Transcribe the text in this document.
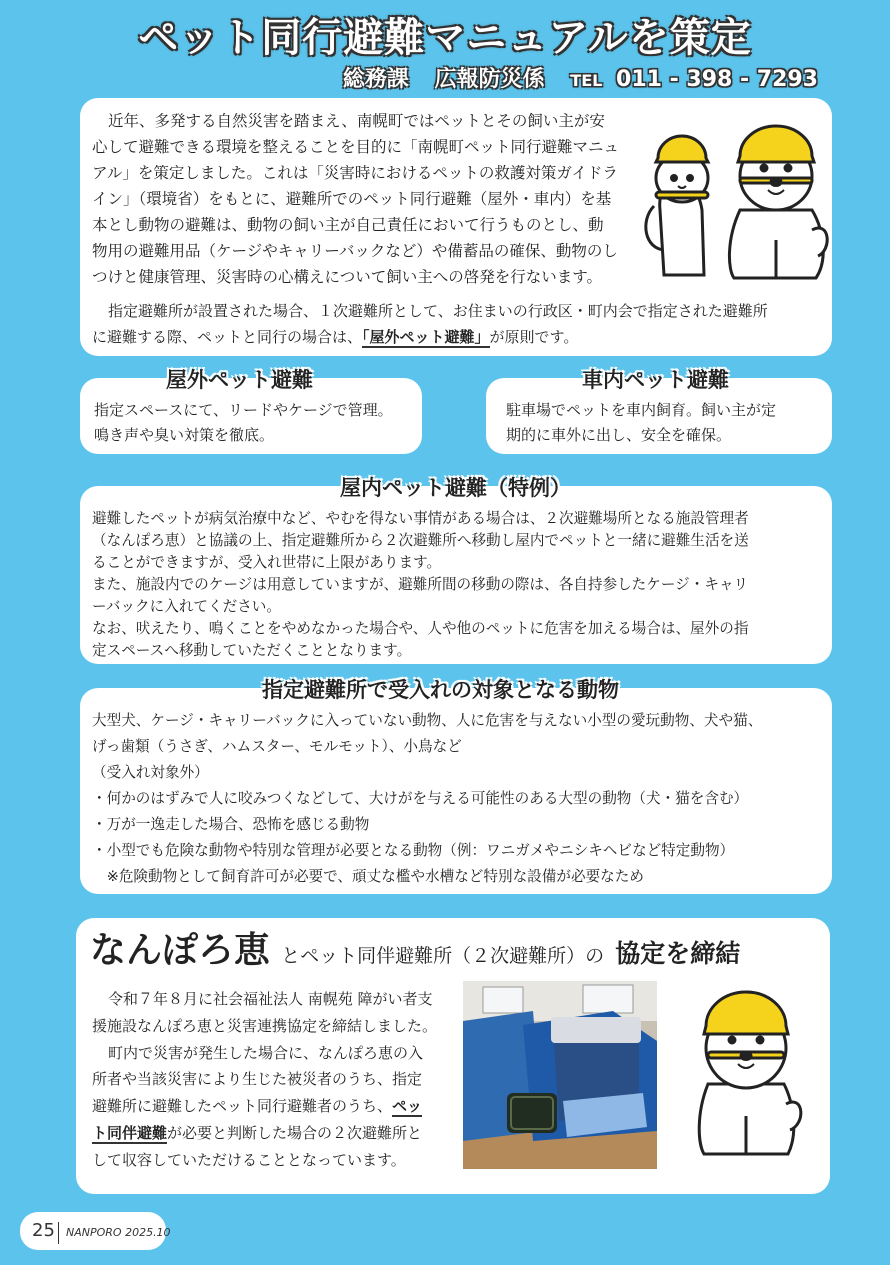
ペット同行避難マニュアルを策定
総務課 広報防災係 TEL 011 - 398 - 7293
近年、多発する自然災害を踏まえ、南幌町ではペットとその飼い主が安
心して避難できる環境を整えることを目的に「南幌町ペット同行避難マニュ
アル」を策定しました。これは「災害時におけるペットの救護対策ガイドラ
イン」（環境省）をもとに、避難所でのペット同行避難（屋外・車内）を基
本とし動物の避難は、動物の飼い主が自己責任において行うものとし、動
物用の避難用品（ケージやキャリーバックなど）や備蓄品の確保、動物のし
つけと健康管理、災害時の心構えについて飼い主への啓発を行ないます。
指定避難所が設置された場合、１次避難所として、お住まいの行政区・町内会で指定された避難所
に避難する際、ペットと同行の場合は、「屋外ペット避難」が原則です。
屋外ペット避難
指定スペースにて、リードやケージで管理。
鳴き声や臭い対策を徹底。
車内ペット避難
駐車場でペットを車内飼育。飼い主が定
期的に車外に出し、安全を確保。
屋内ペット避難（特例）
避難したペットが病気治療中など、やむを得ない事情がある場合は、２次避難場所となる施設管理者
（なんぽろ恵）と協議の上、指定避難所から２次避難所へ移動し屋内でペットと一緒に避難生活を送
ることができますが、受入れ世帯に上限があります。
また、施設内でのケージは用意していますが、避難所間の移動の際は、各自持参したケージ・キャリ
ーバックに入れてください。
なお、吠えたり、鳴くことをやめなかった場合や、人や他のペットに危害を加える場合は、屋外の指
定スペースへ移動していただくこととなります。
指定避難所で受入れの対象となる動物
大型犬、ケージ・キャリーバックに入っていない動物、人に危害を与えない小型の愛玩動物、犬や猫、
げっ歯類（うさぎ、ハムスター、モルモット）、小鳥など
（受入れ対象外）
・何かのはずみで人に咬みつくなどして、大けがを与える可能性のある大型の動物（犬・猫を含む）
・万が一逸走した場合、恐怖を感じる動物
・小型でも危険な動物や特別な管理が必要となる動物（例：ワニガメやニシキヘビなど特定動物）
　※危険動物として飼育許可が必要で、頑丈な檻や水槽など特別な設備が必要なため
なんぽろ恵 とペット同伴避難所（２次避難所）の 協定を締結
令和７年８月に社会福祉法人 南幌苑 障がい者支
援施設なんぽろ恵と災害連携協定を締結しました。
町内で災害が発生した場合に、なんぽろ恵の入
所者や当該災害により生じた被災者のうち、指定
避難所に避難したペット同行避難者のうち、ペッ
ト同伴避難が必要と判断した場合の２次避難所と
して収容していただけることとなっています。
25 NANPORO 2025.10
